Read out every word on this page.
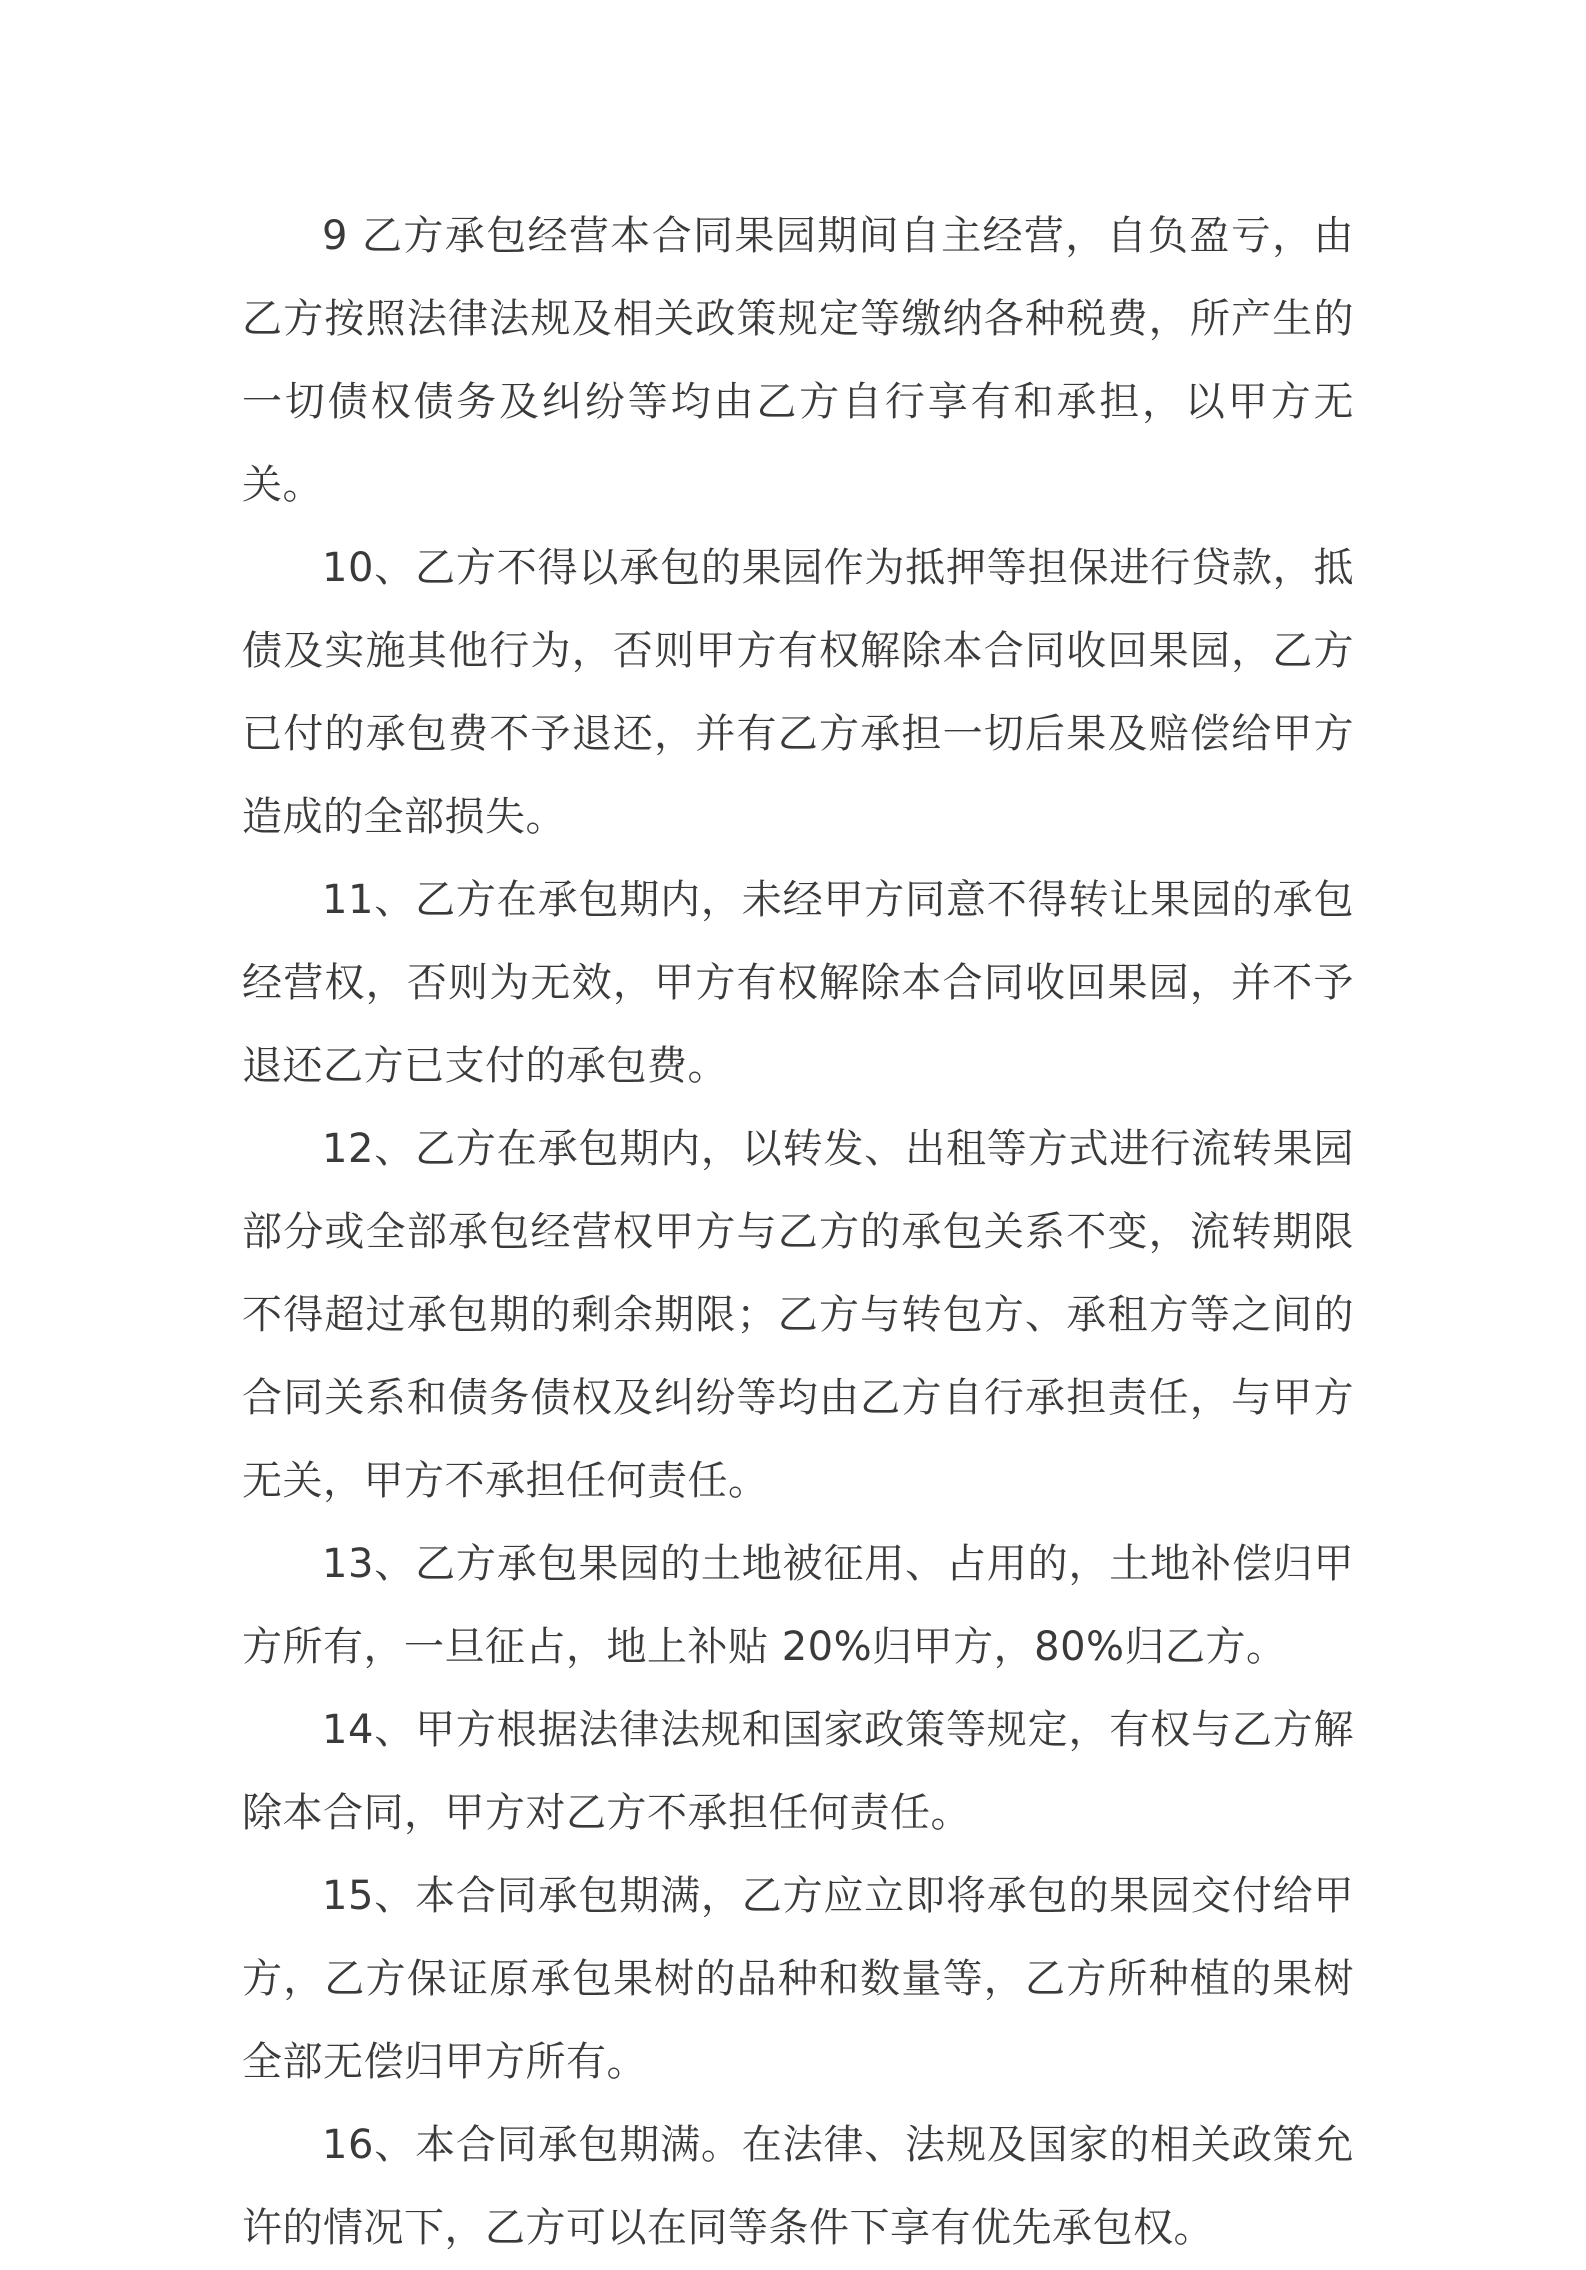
9 乙方承包经营本合同果园期间自主经营，自负盈亏，由乙方按照法律法规及相关政策规定等缴纳各种税费，所产生的一切债权债务及纠纷等均由乙方自行享有和承担，以甲方无关。

10、乙方不得以承包的果园作为抵押等担保进行贷款，抵债及实施其他行为，否则甲方有权解除本合同收回果园，乙方已付的承包费不予退还，并有乙方承担一切后果及赔偿给甲方造成的全部损失。

11、乙方在承包期内，未经甲方同意不得转让果园的承包经营权，否则为无效，甲方有权解除本合同收回果园，并不予退还乙方已支付的承包费。

12、乙方在承包期内，以转发、出租等方式进行流转果园部分或全部承包经营权甲方与乙方的承包关系不变，流转期限不得超过承包期的剩余期限；乙方与转包方、承租方等之间的合同关系和债务债权及纠纷等均由乙方自行承担责任，与甲方无关，甲方不承担任何责任。

13、乙方承包果园的土地被征用、占用的，土地补偿归甲方所有，一旦征占，地上补贴 20%归甲方，80%归乙方。

14、甲方根据法律法规和国家政策等规定，有权与乙方解除本合同，甲方对乙方不承担任何责任。

15、本合同承包期满，乙方应立即将承包的果园交付给甲方，乙方保证原承包果树的品种和数量等，乙方所种植的果树全部无偿归甲方所有。

16、本合同承包期满。在法律、法规及国家的相关政策允许的情况下，乙方可以在同等条件下享有优先承包权。
